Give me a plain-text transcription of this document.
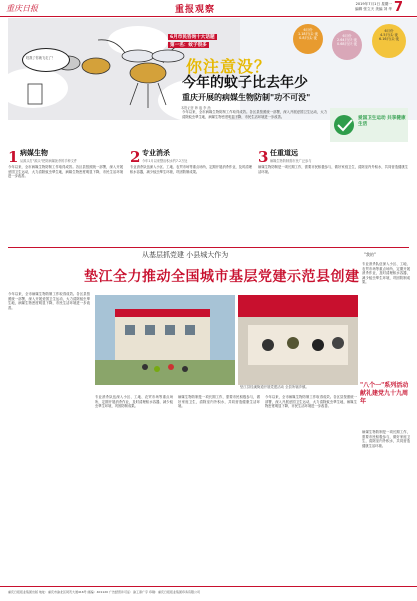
重庆日报	重报观察
2019年7月1日 星期一
编辑 张立天 美编 刘 华 7
咬我了你就飞走了？
6月市民咨询十大话题
第一名：蚊子很多
6月份
1.18只/头·夜
0.8只/头·夜
6月份
2.64只/只·夜
0.68只/只·夜
6月份
4.5只/头·夜
6.16只/头·夜
你注意没？
今年的蚊子比去年少
重庆开展的病媒生物防制"功不可没"
本报记者 韩 毅 李 渔
爱国卫生运动 共享健康生活
今年以来，全市病媒生物防制工作取得成效。各区县按照统一部署，深入开展爱国卫生运动，大力清除蚊虫孳生地，病媒生物密度明显下降，市民生活环境进一步改善。
1 病媒生物
从源头打"源头"把防病媒扼杀的手种文件	2 专业消杀
今年1月以来整治积水约7.2万处	3 任重道远
病媒生物防制需市民广泛参与
今年以来，全市病媒生物防制工作取得成效。各区县按照统一部署，深入开展爱国卫生运动，大力清除蚊虫孳生地，病媒生物密度明显下降，市民生活环境进一步改善。
专业消杀队伍深入小区、工地、农贸市场等重点场所，定期开展消杀作业，及时清理积水容器，减少蚊虫孳生环境，巩固防制成果。
病媒生物防制是一项长期工作，需要市民积极参与，做好家庭卫生，清除室内外积水，共同营造健康生活环境。
从基层抓党建 小县城大作为
垫江全力推动全国城市基层党建示范县创建
"我的"
今年以来，全市病媒生物防制工作取得成效。各区县按照统一部署，深入开展爱国卫生运动，大力清除蚊虫孳生地，病媒生物密度明显下降，市民生活环境进一步改善。
垫江县桂溪街道开展党建活动 全县所辖乡镇。
专业消杀队伍深入小区、工地、农贸市场等重点场所，定期开展消杀作业，及时清理积水容器，减少蚊虫孳生环境，巩固防制成果。
病媒生物防制是一项长期工作，需要市民积极参与，做好家庭卫生，清除室内外积水，共同营造健康生活环境。
今年以来，全市病媒生物防制工作取得成效。各区县按照统一部署，深入开展爱国卫生运动，大力清除蚊虫孳生地，病媒生物密度明显下降，市民生活环境进一步改善。
"八个一"系列活动献礼建党九十九周年
专业消杀队伍深入小区、工地、农贸市场等重点场所，定期开展消杀作业，及时清理积水容器，减少蚊虫孳生环境，巩固防制成果。
病媒生物防制是一项长期工作，需要市民积极参与，做好家庭卫生，清除室内外积水，共同营造健康生活环境。
重庆日报报业集团出版 地址：重庆市渝北区同茂大道416号 邮编：401120 广告经营许可证：渝工商广字 印刷：重庆日报报业集团印务有限公司
